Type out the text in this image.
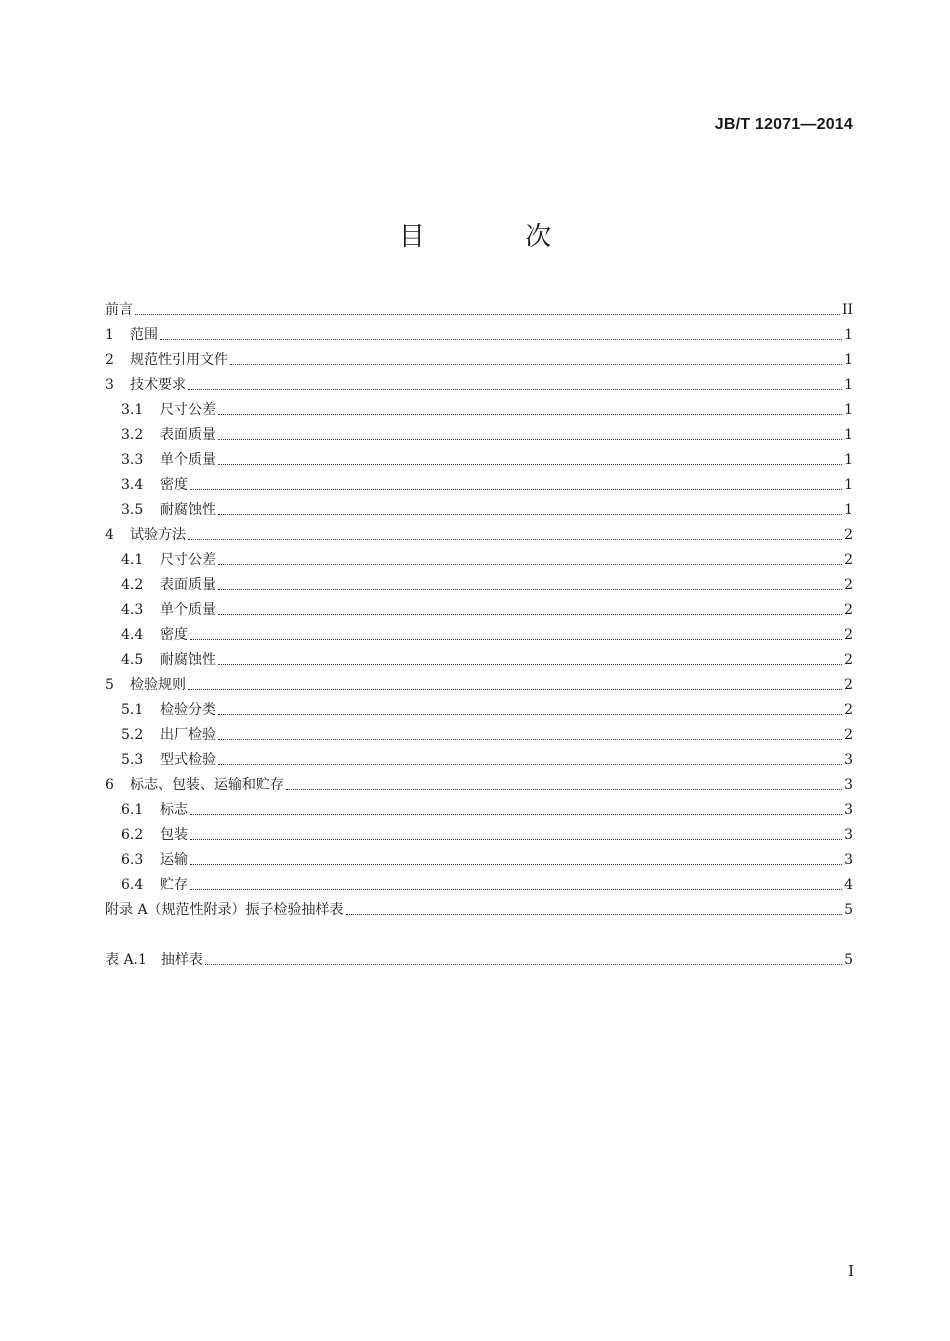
JB/T 12071—2014
目 次
前言	II
1	范围	1
2	规范性引用文件	1
3	技术要求	1
3.1	尺寸公差	1
3.2	表面质量	1
3.3	单个质量	1
3.4	密度	1
3.5	耐腐蚀性	1
4	试验方法	2
4.1	尺寸公差	2
4.2	表面质量	2
4.3	单个质量	2
4.4	密度	2
4.5	耐腐蚀性	2
5	检验规则	2
5.1	检验分类	2
5.2	出厂检验	2
5.3	型式检验	3
6	标志、包装、运输和贮存	3
6.1	标志	3
6.2	包装	3
6.3	运输	3
6.4	贮存	4
附录 A（规范性附录）振子检验抽样表	5
表 A.1　抽样表	5
I
